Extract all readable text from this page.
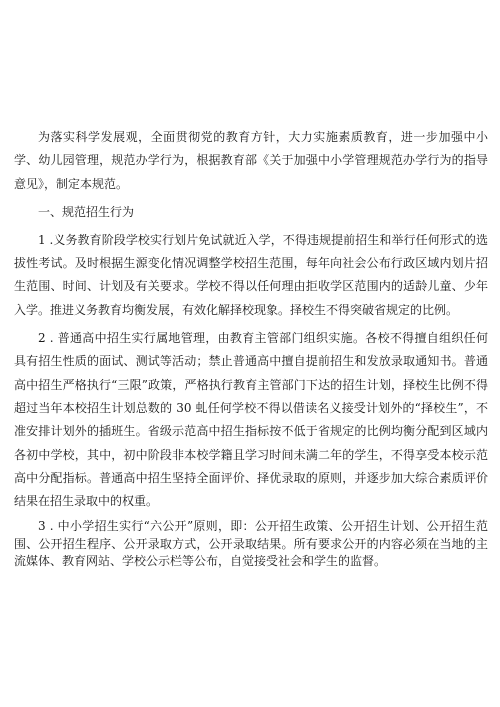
为落实科学发展观，全面贯彻党的教育方针，大力实施素质教育，进一步加强中小学、幼儿园管理，规范办学行为，根据教育部《关于加强中小学管理规范办学行为的指导意见》，制定本规范。

一、规范招生行为

1 .义务教育阶段学校实行划片免试就近入学，不得违规提前招生和举行任何形式的选拔性考试。及时根据生源变化情况调整学校招生范围，每年向社会公布行政区域内划片招生范围、时间、计划及有关要求。学校不得以任何理由拒收学区范围内的适龄儿童、少年入学。推进义务教育均衡发展，有效化解择校现象。择校生不得突破省规定的比例。

2 . 普通高中招生实行属地管理，由教育主管部门组织实施。各校不得擅自组织任何具有招生性质的面试、测试等活动；禁止普通高中擅自提前招生和发放录取通知书。普通高中招生严格执行“三限”政策，严格执行教育主管部门下达的招生计划，择校生比例不得超过当年本校招生计划总数的 30 虬任何学校不得以借读名义接受计划外的“择校生”，不准安排计划外的插班生。省级示范高中招生指标按不低于省规定的比例均衡分配到区域内各初中学校，其中，初中阶段非本校学籍且学习时间未满二年的学生，不得享受本校示范高中分配指标。普通高中招生坚持全面评价、择优录取的原则，并逐步加大综合素质评价结果在招生录取中的权重。

3 . 中小学招生实行“六公开”原则，即：公开招生政策、公开招生计划、公开招生范围、公开招生程序、公开录取方式，公开录取结果。所有要求公开的内容必须在当地的主流媒体、教育网站、学校公示栏等公布，自觉接受社会和学生的监督。
